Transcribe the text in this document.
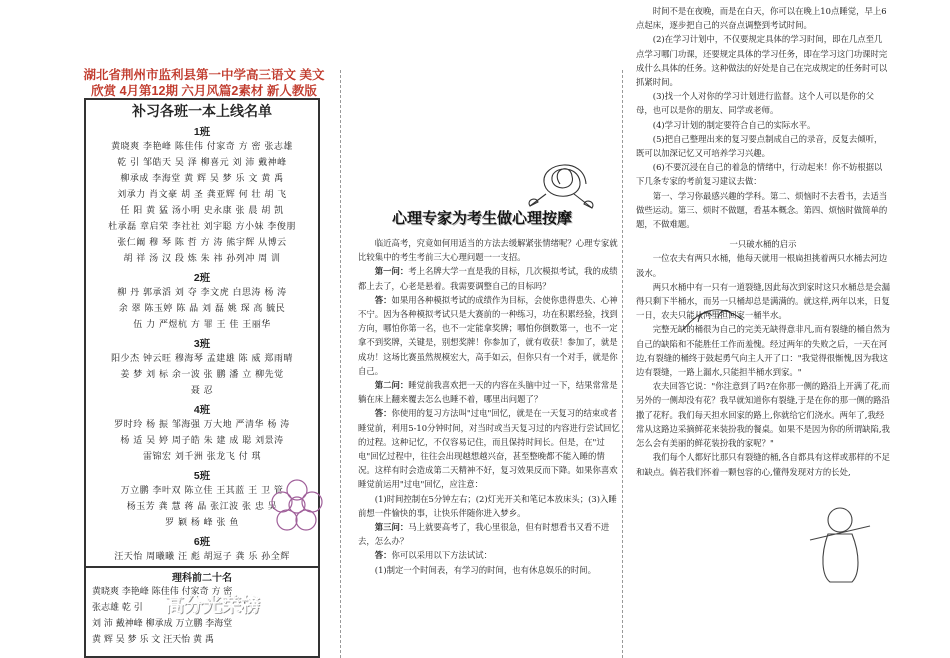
湖北省荆州市监利县第一中学高三语文 美文欣赏 4月第12期 六月风篇2素材 新人教版
补习各班一本上线名单
1班
黄晓爽 李艳峰 陈佳伟 付家奇 方 密 张志雄
乾 引 邹皓天 吴 泽 柳喜元 刘 沛 戴神峰
柳承成 李海堂 黄 辉 吴 梦 乐 文 黄 禹
刘承力 肖文豪 胡 圣 龚亚辉 何 壮 胡 飞
任 阳 黄 猛 汤小明 史永康 张 晨 胡 凯
杜承磊 章启荣 李社社 刘宇聪 方小妹 李俊朋
张仁阚 穆 琴 陈 哲 方 涛 熊宇辉 从博云
胡 祥 汤 汉 段 炼 朱 祎 孙列冲 周 训
2班
柳 丹 郭承滔 刘 夺 李文虎 白思涛 杨 涛
余 翠 陈玉婷 陈 晶 刘 磊 姚 琛 高 毓民
伍 力 严煜杭 方 罪 王 佳 王丽华
3班
阳少杰 钟云旺 穆海琴 孟建雄 陈 威 郑雨晴
姜 梦 刘 标 余一波 张 鹏 潘 立 柳先觉
聂 忍
4班
罗时玲 杨 振 邹海强 万大地 严清华 杨 涛
杨 适 吴 婷 周子皓 朱 建 成 聪 刘景涛
雷锦宏 刘千洲 张龙飞 付 琪
5班
万立鹏 李叶双 陈立佳 王其蓝 王 卫 管
杨玉芳 龚 慧 蒋 晶 张江波 张 忠 吴
罗 颖 杨 峰 张 鱼
6班
汪天怡 周曦曦 汪 彪 胡逗子 龚 乐 孙全辉
理科前二十名
黄晓爽 李艳峰 陈佳伟 付家奇 方 密
张志雄 乾 引
刘 沛 戴神峰 柳承成 万立鹏 李海堂
黄 辉 吴 梦 乐 文 汪天怡 黄 禹
高分光荣榜
心理专家为考生做心理按摩

临近高考，究竟如何用适当的方法去缓解紧张情绪呢？心理专家就比较集中的考生考前三大心理问题一一支招。

第一问：考上名牌大学一直是我的目标，几次模拟考试，我的成绩都上去了，心老是悬着。我需要调整自己的目标吗？

答：如果用各种模拟考试的成绩作为目标，会使你患得患失、心神不宁。因为各种模拟考试只是大赛前的一种练习，功在积累经验，找到方向，哪怕你第一名，也不一定能拿奖牌；哪怕你倒数第一，也不一定拿不到奖牌，关键是，别想奖牌！你参加了，就有收获！参加了，就是成功！这场比赛虽然规模宏大，高手如云，但你只有一个对手，就是你自己。

第二问：睡觉前我喜欢把一天的内容在头脑中过一下，结果常常是躺在床上翻来覆去怎么也睡不着，哪里出问题了？

答：你使用的复习方法叫"过电"回忆，就是在一天复习的结束或者睡觉前，利用5-10分钟时间，对当时或当天复习过的内容进行尝试回忆的过程。这种记忆，不仅容易记住，而且保持时间长。但是，在"过电"回忆过程中，往往会出现越想越兴奋，甚至整晚都不能入睡的情况。这样有时会造成第二天精神不好，复习效果反而下降。如果你喜欢睡觉前运用"过电"回忆，应注意：

(1)时间控制在5分钟左右；(2)灯光开关和笔记本放床头；(3)入睡前想一件愉快的事，让快乐伴随你进入梦乡。

第三问：马上就要高考了，我心里很急，但有时想看书又看不进去，怎么办？

答：你可以采用以下方法试试：

(1)制定一个时间表，有学习的时间，也有休息娱乐的时间。

时间不是在夜晚，而是在白天，你可以在晚上10点睡觉，早上6点起床，逐步把自己的兴奋点调整到考试时间。

(2)在学习计划中，不仅要规定具体的学习时间，即在几点至几点学习哪门功课，还要规定具体的学习任务，即在学习这门功课时完成什么具体的任务。这种做法的好处是自己在完成规定的任务时可以抓紧时间。

(3)找一个人对你的学习计划进行监督。这个人可以是你的父母，也可以是你的朋友、同学或老师。

(4)学习计划的制定要符合自己的实际水平。

(5)把自己整理出来的复习要点制成自己的录音，反复去倾听，既可以加深记忆又可培养学习兴趣。

(6)不要沉浸在自己的着急的情绪中，行动起来！你不妨根据以下几条专家的考前复习建议去做：

第一、学习你最感兴趣的学科。第二、烦恼时不去看书，去适当做些运动。第三、烦时不做题，看基本概念。第四、烦恼时做简单的题，不做难题。

一只破水桶的启示

一位农夫有两只水桶，他每天就用一根扁担挑着两只水桶去河边汲水。

两只水桶中有一只有一道裂缝,因此每次到家时这只水桶总是会漏得只剩下半桶水，而另一只桶却总是满满的。就这样,两年以来，日复一日，农夫只能从河里担回家一桶半水。

完整无缺的桶很为自己的完美无缺得意非凡,而有裂缝的桶自然为自己的缺陷和不能胜任工作而羞愧。经过两年的失败之后，一天在河边,有裂缝的桶终于鼓起勇气向主人开了口："我觉得很惭愧,因为我这边有裂缝，一路上漏水,只能担半桶水到家。"

农夫回答它说："你注意到了吗?在你那一侧的路沿上开满了花,而另外的一侧却没有花？我早就知道你有裂缝,于是在你的那一侧的路沿撒了花籽。我们每天担水回家的路上,你就给它们浇水。两年了,我经常从这路边采摘鲜花来装扮我的餐桌。如果不是因为你的所谓缺陷,我怎么会有美丽的鲜花装扮我的家呢？"

我们每个人都好比那只有裂缝的桶,各自都具有这样或那样的不足和缺点。倘若我们怀着一颗包容的心,懂得发现对方的长处,
